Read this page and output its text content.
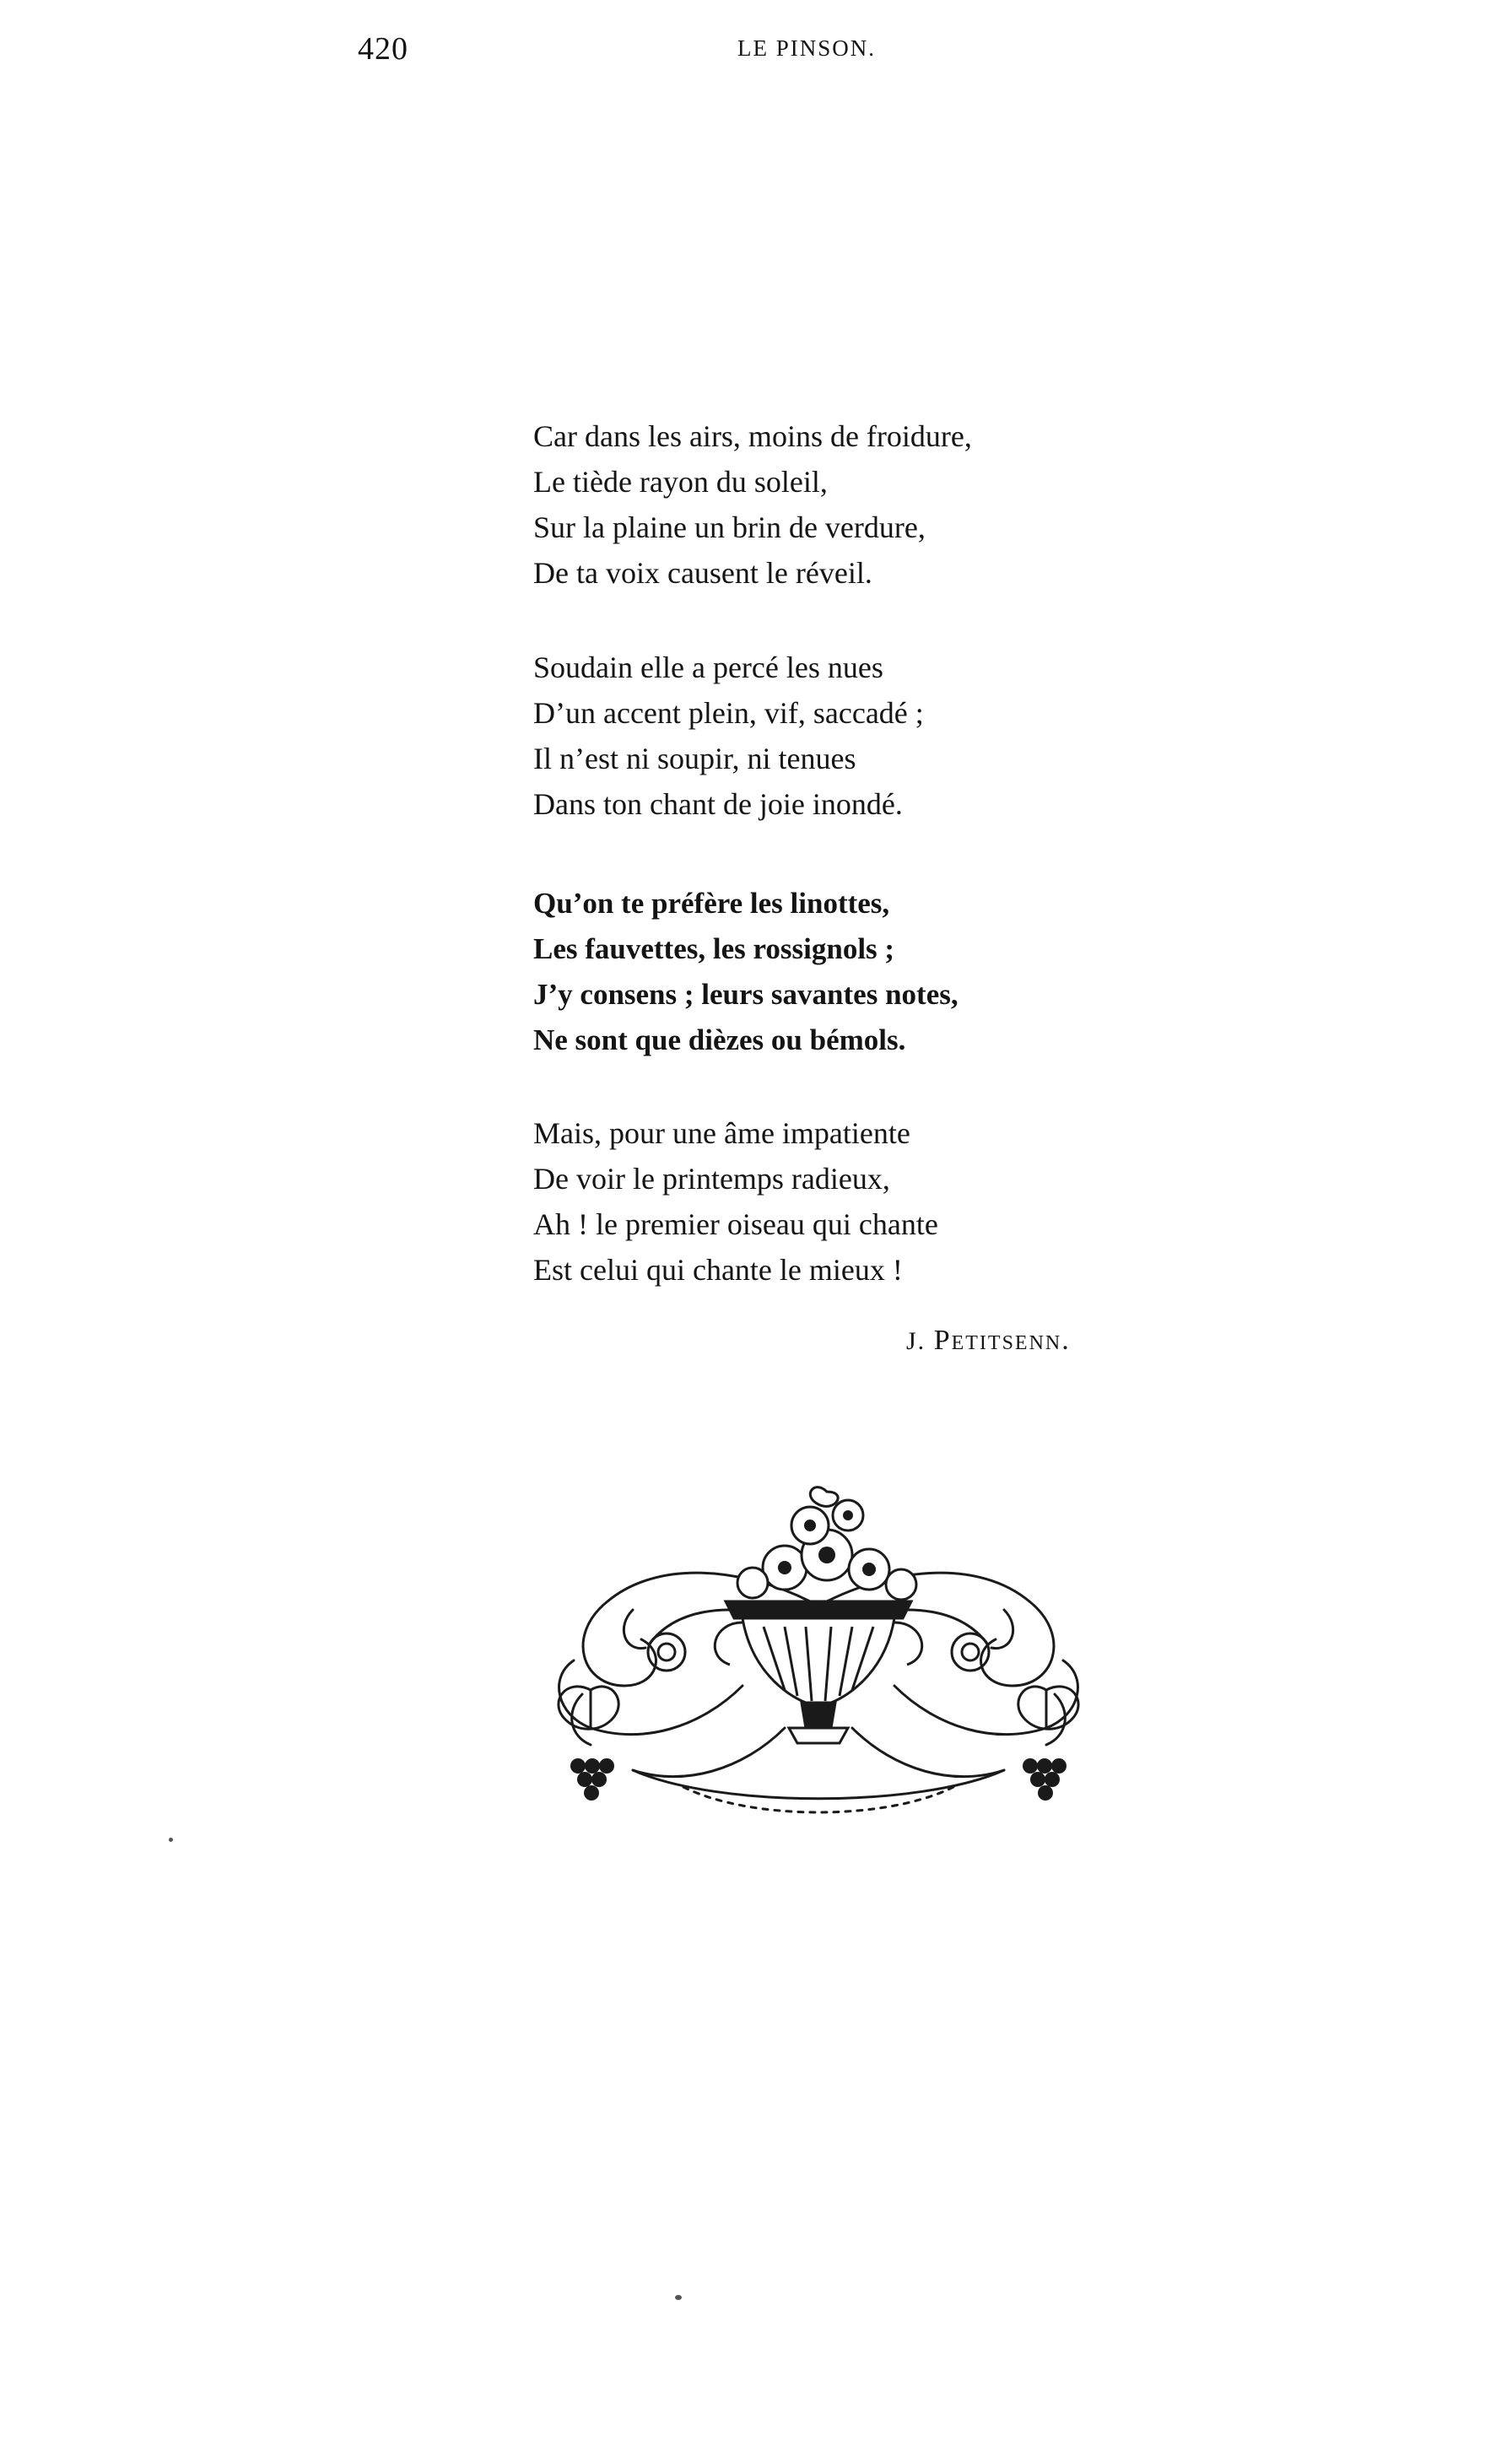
420	LE PINSON.
Car dans les airs, moins de froidure,
Le tiède rayon du soleil,
Sur la plaine un brin de verdure,
De ta voix causent le réveil.
Soudain elle a percé les nues
D’un accent plein, vif, saccadé ;
Il n’est ni soupir, ni tenues
Dans ton chant de joie inondé.
Qu’on te préfère les linottes,
Les fauvettes, les rossignols ;
J’y consens ; leurs savantes notes,
Ne sont que dièzes ou bémols.
Mais, pour une âme impatiente
De voir le printemps radieux,
Ah ! le premier oiseau qui chante
Est celui qui chante le mieux !
J. Petitsenn.
